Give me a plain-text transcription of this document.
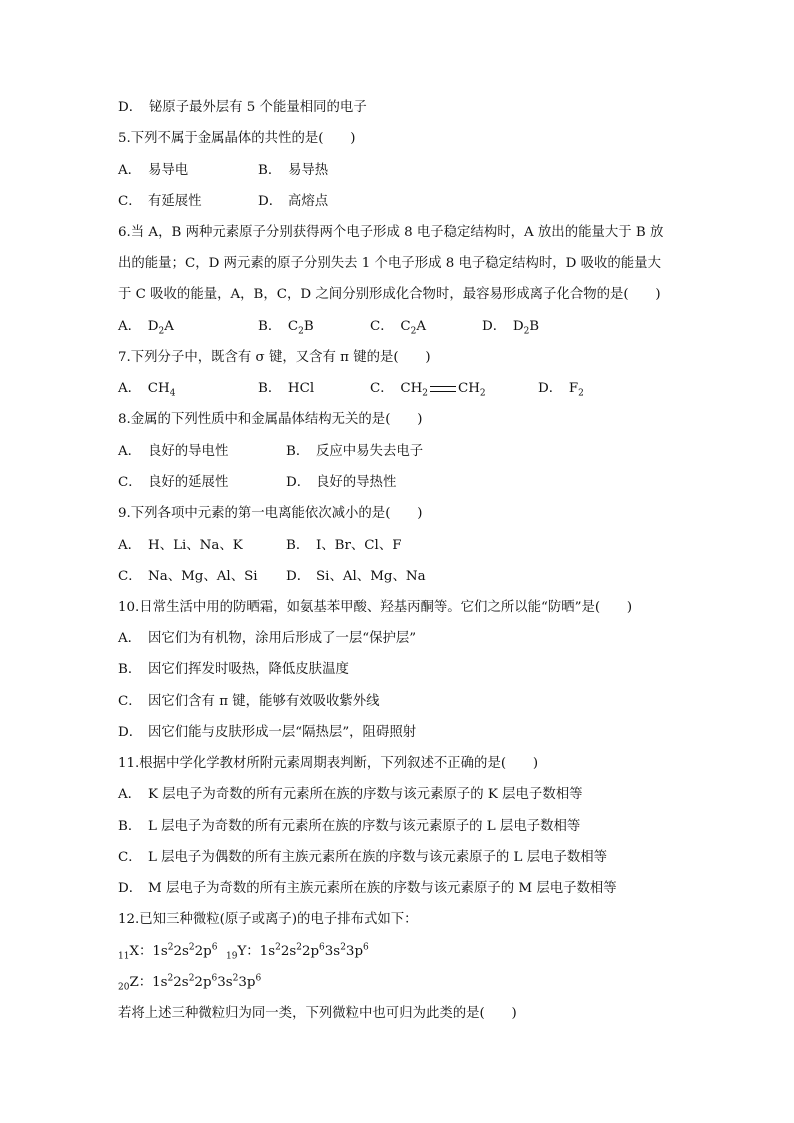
D．　铋原子最外层有 5 个能量相同的电子
5.下列不属于金属晶体的共性的是(　　)
A． 易导电	B． 易导热
C． 有延展性	D． 高熔点
6.当 A，B 两种元素原子分别获得两个电子形成 8 电子稳定结构时，A 放出的能量大于 B 放
出的能量；C，D 两元素的原子分别失去 1 个电子形成 8 电子稳定结构时，D 吸收的能量大
于 C 吸收的能量，A，B，C，D 之间分别形成化合物时，最容易形成离子化合物的是(　　)
A．　$D_2A$	B．　$C_2B$	C．　$C_2A$	D．　$D_2B$
7.下列分子中，既含有 σ 键，又含有 π 键的是(　　)
A．　$CH_4$	B．　HCl	C．　$CH_2$ $CH_2$	D．　$F_2$
8.金属的下列性质中和金属晶体结构无关的是(　　)
A． 良好的导电性	B． 反应中易失去电子
C． 良好的延展性	D． 良好的导热性
9.下列各项中元素的第一电离能依次减小的是(　　)
A． H、Li、Na、K	B． I、Br、Cl、F
C． Na、Mg、Al、Si D． Si、Al、Mg、Na
10.日常生活中用的防晒霜，如氨基苯甲酸、羟基丙酮等。它们之所以能“防晒”是(　　)
A． 因它们为有机物，涂用后形成了一层“保护层”
B． 因它们挥发时吸热，降低皮肤温度
C． 因它们含有 π 键，能够有效吸收紫外线
D． 因它们能与皮肤形成一层“隔热层”，阻碍照射
11.根据中学化学教材所附元素周期表判断，下列叙述不正确的是(　　)
A． K 层电子为奇数的所有元素所在族的序数与该元素原子的 K 层电子数相等
B． L 层电子为奇数的所有元素所在族的序数与该元素原子的 L 层电子数相等
C． L 层电子为偶数的所有主族元素所在族的序数与该元素原子的 L 层电子数相等
D． M 层电子为奇数的所有主族元素所在族的序数与该元素原子的 M 层电子数相等
12.已知三种微粒(原子或离子)的电子排布式如下：
$_{11}$X：$1s^22s^22p^6$  $_{19}$Y：$1s^22s^22p^63s^23p^6$
$_{20}$Z：$1s^22s^22p^63s^23p^6$
若将上述三种微粒归为同一类，下列微粒中也可归为此类的是(　　)
